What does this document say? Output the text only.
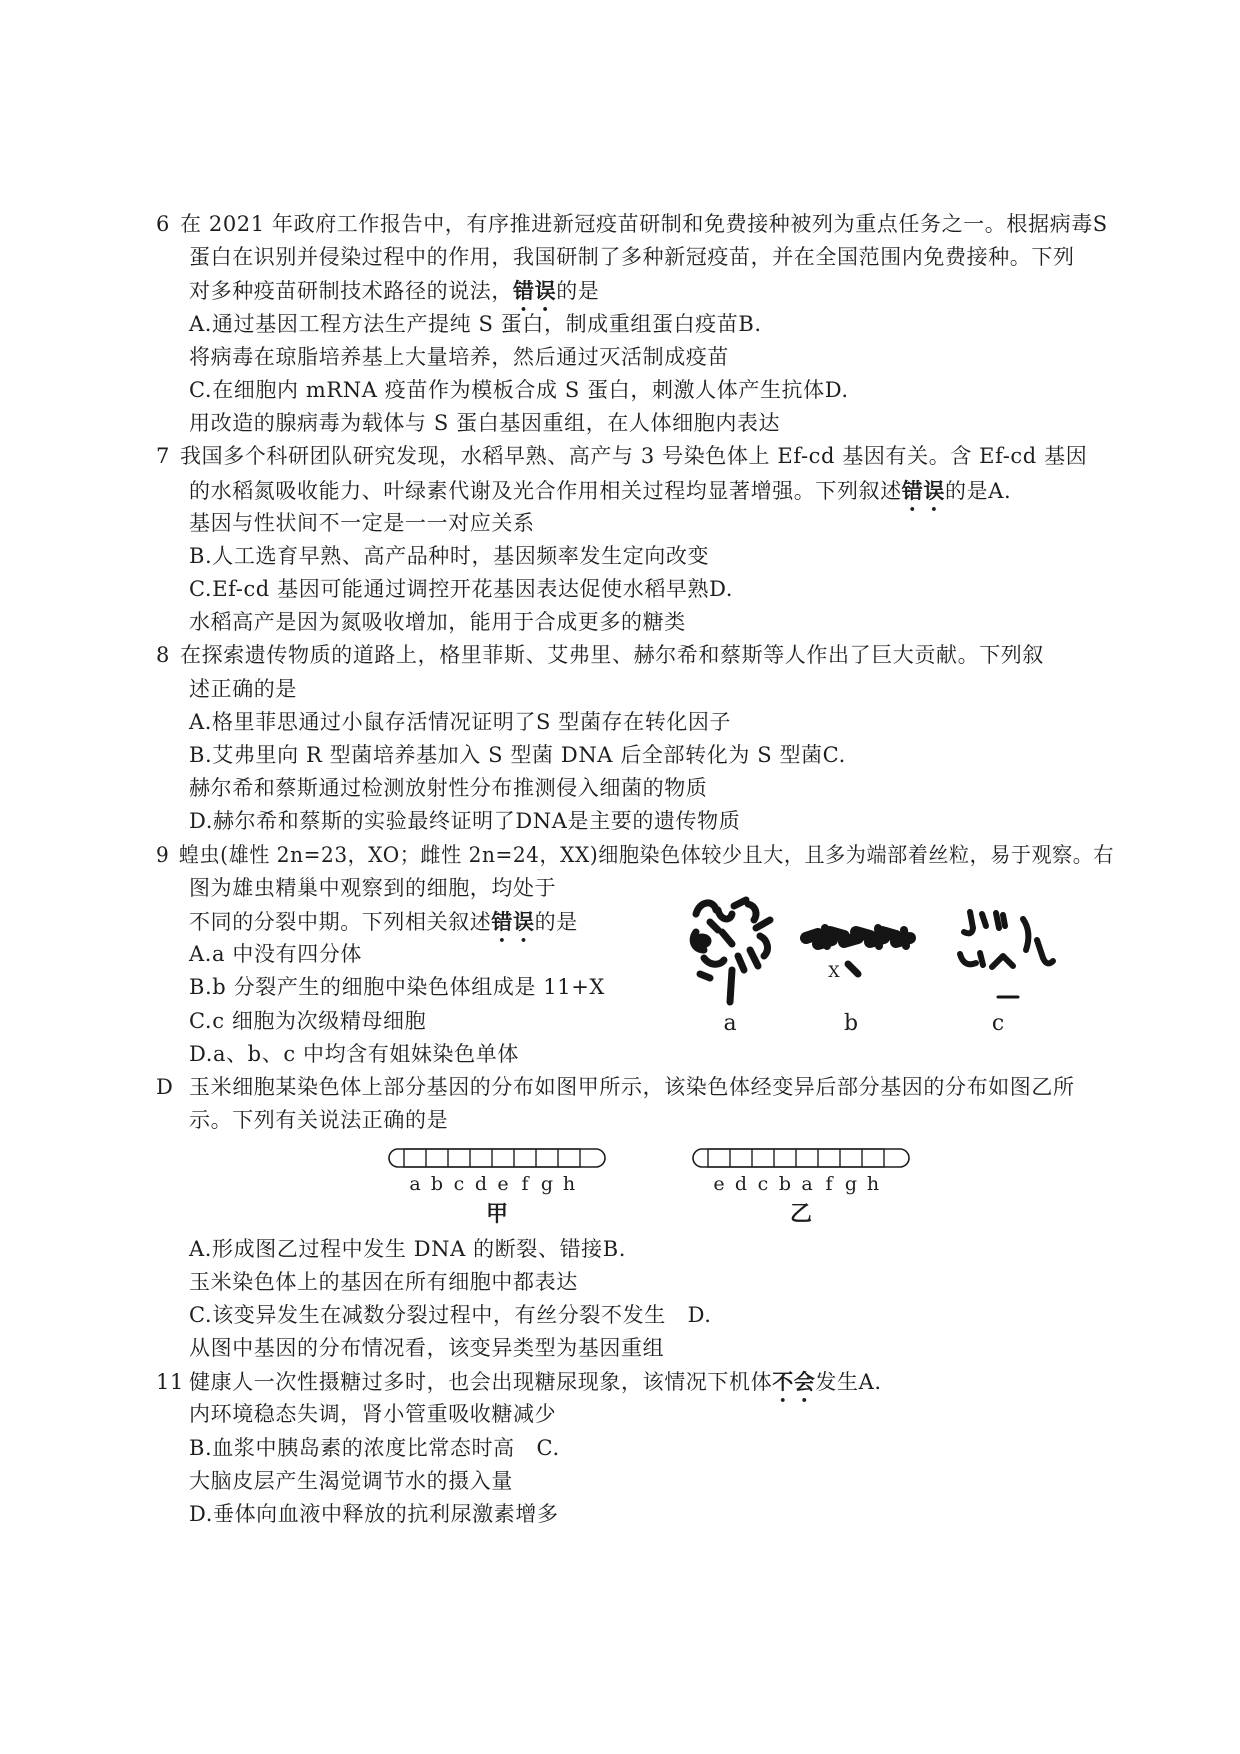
6 在 2021 年政府工作报告中，有序推进新冠疫苗研制和免费接种被列为重点任务之一。根据病毒S
蛋白在识别并侵染过程中的作用，我国研制了多种新冠疫苗，并在全国范围内免费接种。下列
对多种疫苗研制技术路径的说法，错误的是
A.通过基因工程方法生产提纯 S 蛋白，制成重组蛋白疫苗B.
将病毒在琼脂培养基上大量培养，然后通过灭活制成疫苗
C.在细胞内 mRNA 疫苗作为模板合成 S 蛋白，刺激人体产生抗体D.
用改造的腺病毒为载体与 S 蛋白基因重组，在人体细胞内表达
7 我国多个科研团队研究发现，水稻早熟、高产与 3 号染色体上 Ef-cd 基因有关。含 Ef-cd 基因
的水稻氮吸收能力、叶绿素代谢及光合作用相关过程均显著增强。下列叙述错误的是A.
基因与性状间不一定是一一对应关系
B.人工选育早熟、高产品种时，基因频率发生定向改变
C.Ef-cd 基因可能通过调控开花基因表达促使水稻早熟D.
水稻高产是因为氮吸收增加，能用于合成更多的糖类
8 在探索遗传物质的道路上，格里菲斯、艾弗里、赫尔希和蔡斯等人作出了巨大贡献。下列叙
述正确的是
A.格里菲思通过小鼠存活情况证明了S 型菌存在转化因子
B.艾弗里向 R 型菌培养基加入 S 型菌 DNA 后全部转化为 S 型菌C.
赫尔希和蔡斯通过检测放射性分布推测侵入细菌的物质
D.赫尔希和蔡斯的实验最终证明了DNA是主要的遗传物质
9 蝗虫(雄性 2n=23，XO；雌性 2n=24，XX)细胞染色体较少且大，且多为端部着丝粒，易于观察。右
图为雄虫精巢中观察到的细胞，均处于
不同的分裂中期。下列相关叙述错误的是
A.a 中没有四分体
B.b 分裂产生的细胞中染色体组成是 11+X
C.c 细胞为次级精母细胞
D.a、b、c 中均含有姐妹染色单体
D 玉米细胞某染色体上部分基因的分布如图甲所示，该染色体经变异后部分基因的分布如图乙所
示。下列有关说法正确的是
a b c d e f g h
甲
e d c b a f g h
乙
A.形成图乙过程中发生 DNA 的断裂、错接B.
玉米染色体上的基因在所有细胞中都表达
C.该变异发生在减数分裂过程中，有丝分裂不发生   D.
从图中基因的分布情况看，该变异类型为基因重组
11 健康人一次性摄糖过多时，也会出现糖尿现象，该情况下机体不会发生A.
内环境稳态失调，肾小管重吸收糖减少
B.血浆中胰岛素的浓度比常态时高   C.
大脑皮层产生渴觉调节水的摄入量
D.垂体向血液中释放的抗利尿激素增多
X
a	b	c
